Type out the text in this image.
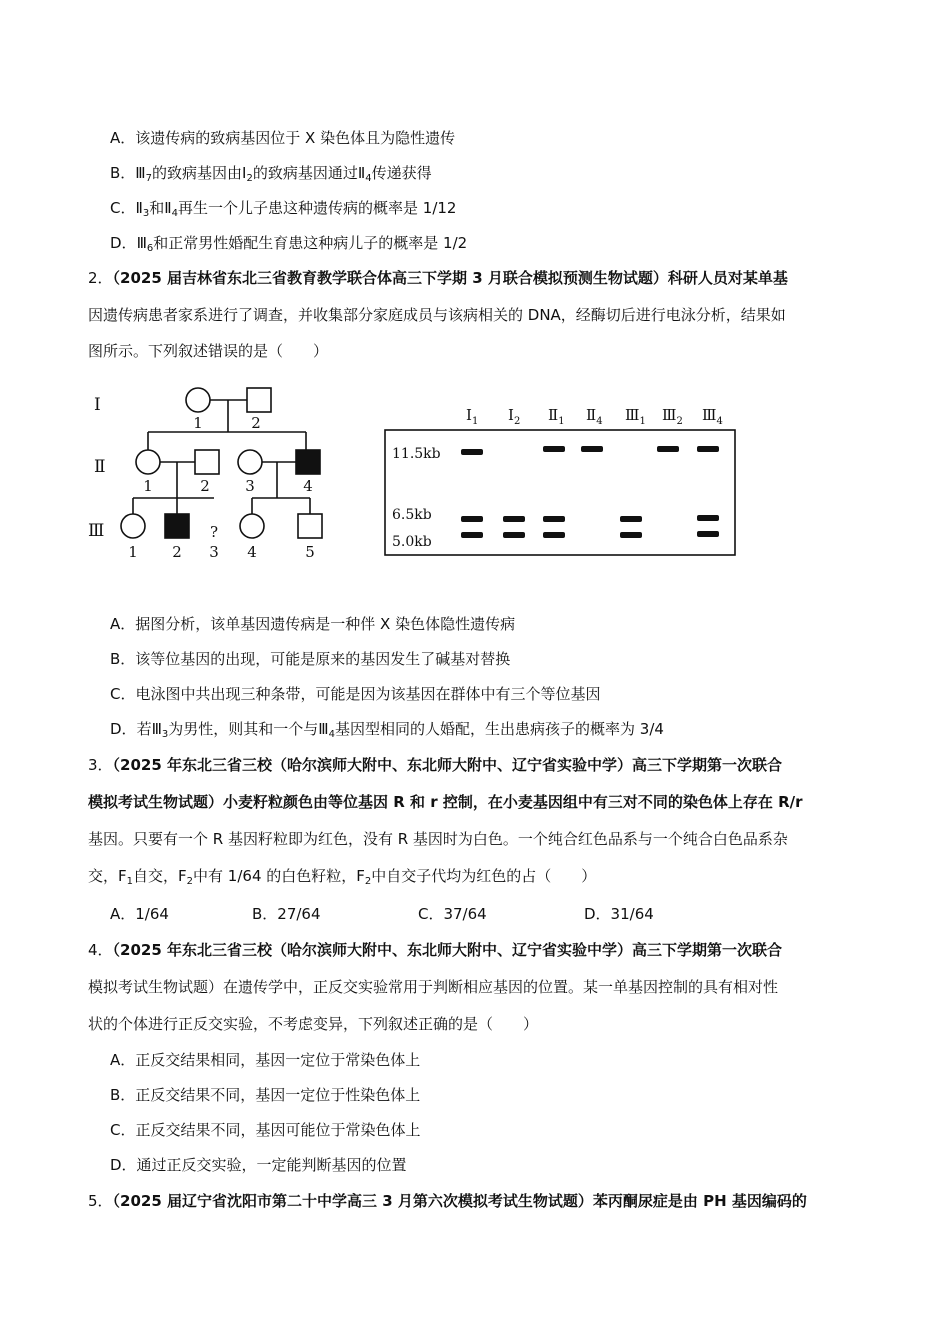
A．该遗传病的致病基因位于 X 染色体且为隐性遗传
B．$Ⅲ_7$的致病基因由$Ⅰ_2$的致病基因通过$Ⅱ_4$传递获得
C．$Ⅱ_3$和$Ⅱ_4$再生一个儿子患这种遗传病的概率是 1/12
D．$Ⅲ_6$和正常男性婚配生育患这种病儿子的概率是 1/2
2．（2025 届吉林省东北三省教育教学联合体高三下学期 3 月联合模拟预测生物试题）科研人员对某单基
因遗传病患者家系进行了调查，并收集部分家庭成员与该病相关的 DNA，经酶切后进行电泳分析，结果如
图所示。下列叙述错误的是（　　）
Ⅰ
Ⅱ
Ⅲ
1	2
1	2 3	4
1 2
?
3 4	5
$Ⅰ_1$ $Ⅰ_2$ $Ⅱ_1$ $Ⅱ_4$ $Ⅲ_1$ $Ⅲ_2$ $Ⅲ_4$
11.5kb
6.5kb
5.0kb
A．据图分析，该单基因遗传病是一种伴 X 染色体隐性遗传病
B．该等位基因的出现，可能是原来的基因发生了碱基对替换
C．电泳图中共出现三种条带，可能是因为该基因在群体中有三个等位基因
D．若$Ⅲ_3$为男性，则其和一个与$Ⅲ_4$基因型相同的人婚配，生出患病孩子的概率为 3/4
3．（2025 年东北三省三校（哈尔滨师大附中、东北师大附中、辽宁省实验中学）高三下学期第一次联合
模拟考试生物试题）小麦籽粒颜色由等位基因 R 和 r 控制，在小麦基因组中有三对不同的染色体上存在 R/r
基因。只要有一个 R 基因籽粒即为红色，没有 R 基因时为白色。一个纯合红色品系与一个纯合白色品系杂
交，$F_1$自交，$F_2$中有 1/64 的白色籽粒，$F_2$中自交子代均为红色的占（　　）
A．1/64	B．27/64	C．37/64	D．31/64
4．（2025 年东北三省三校（哈尔滨师大附中、东北师大附中、辽宁省实验中学）高三下学期第一次联合
模拟考试生物试题）在遗传学中，正反交实验常用于判断相应基因的位置。某一单基因控制的具有相对性
状的个体进行正反交实验，不考虑变异，下列叙述正确的是（　　）
A．正反交结果相同，基因一定位于常染色体上
B．正反交结果不同，基因一定位于性染色体上
C．正反交结果不同，基因可能位于常染色体上
D．通过正反交实验，一定能判断基因的位置
5．（2025 届辽宁省沈阳市第二十中学高三 3 月第六次模拟考试生物试题）苯丙酮尿症是由 PH 基因编码的
